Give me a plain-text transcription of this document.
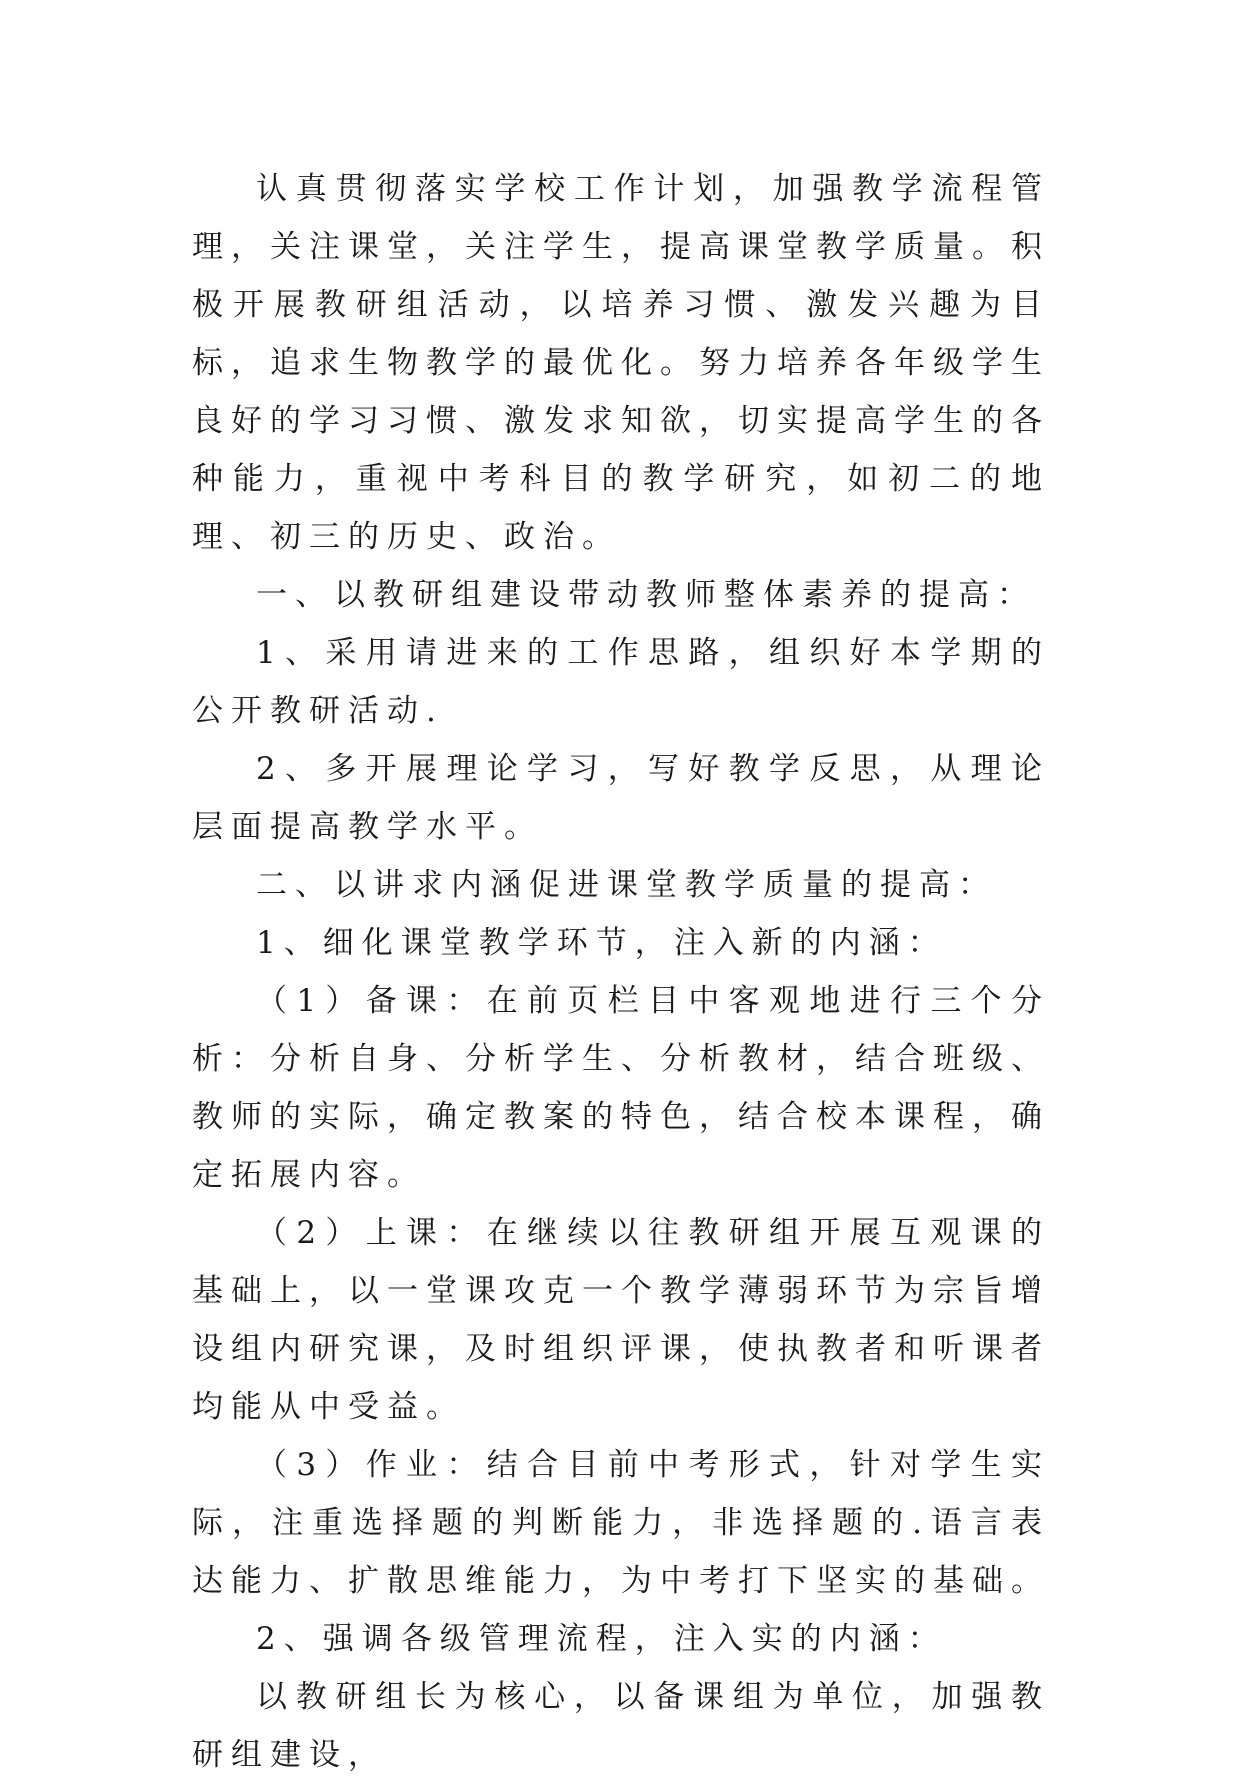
认真贯彻落实学校工作计划，加强教学流程管理，关注课堂，关注学生，提高课堂教学质量。积极开展教研组活动，以培养习惯、激发兴趣为目标，追求生物教学的最优化。努力培养各年级学生良好的学习习惯、激发求知欲，切实提高学生的各种能力，重视中考科目的教学研究，如初二的地理、初三的历史、政治。

一、以教研组建设带动教师整体素养的提高：

1、采用请进来的工作思路，组织好本学期的公开教研活动.

2、多开展理论学习，写好教学反思，从理论层面提高教学水平。

二、以讲求内涵促进课堂教学质量的提高：

1、细化课堂教学环节，注入新的内涵：

（1）备课：在前页栏目中客观地进行三个分析：分析自身、分析学生、分析教材，结合班级、教师的实际，确定教案的特色，结合校本课程，确定拓展内容。

（2）上课：在继续以往教研组开展互观课的基础上，以一堂课攻克一个教学薄弱环节为宗旨增设组内研究课，及时组织评课，使执教者和听课者均能从中受益。

（3）作业：结合目前中考形式，针对学生实际，注重选择题的判断能力，非选择题的.语言表达能力、扩散思维能力，为中考打下坚实的基础。

2、强调各级管理流程，注入实的内涵：

以教研组长为核心，以备课组为单位，加强教研组建设，
